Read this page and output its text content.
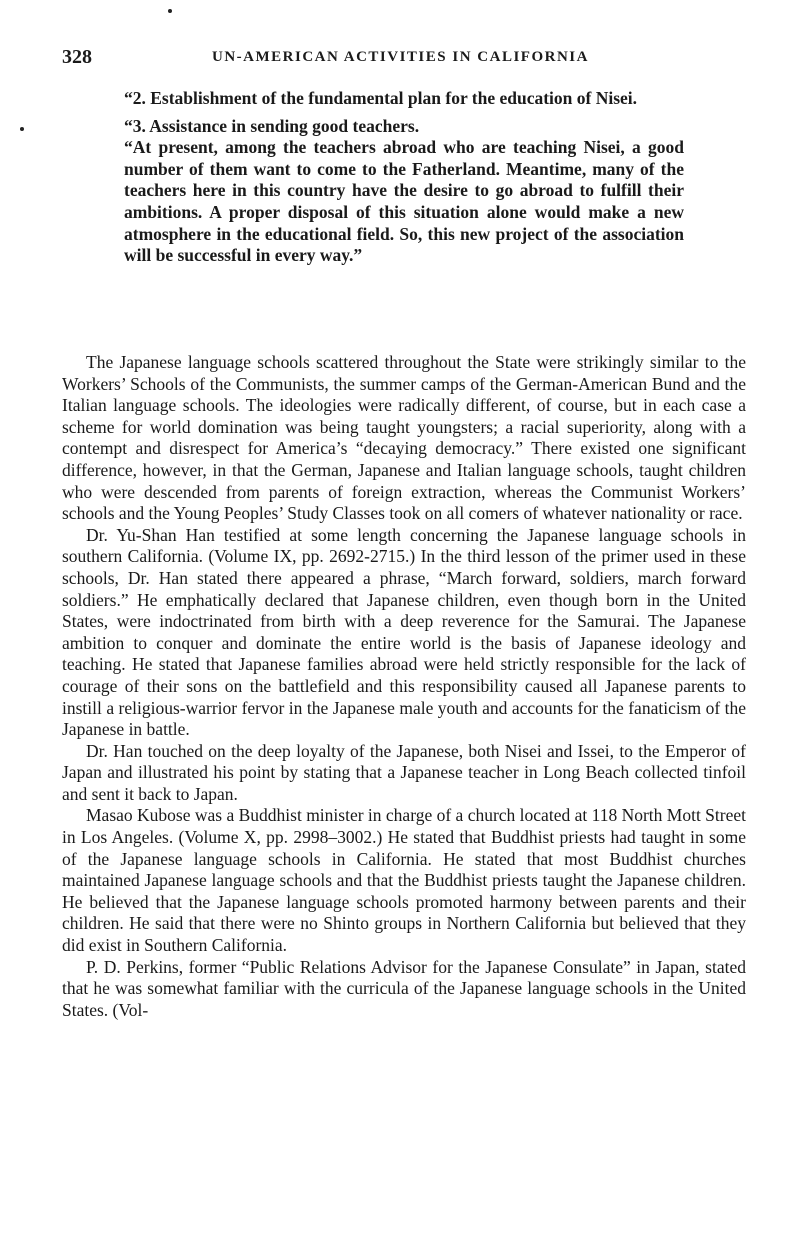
328	UN-AMERICAN ACTIVITIES IN CALIFORNIA

“2. Establishment of the fundamental plan for the education of Nisei.

“3. Assistance in sending good teachers.

“At present, among the teachers abroad who are teaching Nisei, a good number of them want to come to the Fatherland. Meantime, many of the teachers here in this country have the desire to go abroad to fulfill their ambitions. A proper disposal of this situation alone would make a new atmosphere in the educational field. So, this new project of the association will be successful in every way.”

The Japanese language schools scattered throughout the State were strikingly similar to the Workers’ Schools of the Communists, the summer camps of the German-American Bund and the Italian language schools. The ideologies were radically different, of course, but in each case a scheme for world domination was being taught youngsters; a racial superiority, along with a contempt and disrespect for America’s “decaying democracy.” There existed one significant difference, however, in that the German, Japanese and Italian language schools, taught children who were descended from parents of foreign extraction, whereas the Communist Workers’ schools and the Young Peoples’ Study Classes took on all comers of whatever nationality or race.

Dr. Yu-Shan Han testified at some length concerning the Japanese language schools in southern California. (Volume IX, pp. 2692-2715.) In the third lesson of the primer used in these schools, Dr. Han stated there appeared a phrase, “March forward, soldiers, march forward soldiers.” He emphatically declared that Japanese children, even though born in the United States, were indoctrinated from birth with a deep reverence for the Samurai. The Japanese ambition to conquer and dominate the entire world is the basis of Japanese ideology and teaching. He stated that Japanese families abroad were held strictly responsible for the lack of courage of their sons on the battlefield and this responsibility caused all Japanese parents to instill a religious-warrior fervor in the Japanese male youth and accounts for the fanaticism of the Japanese in battle.

Dr. Han touched on the deep loyalty of the Japanese, both Nisei and Issei, to the Emperor of Japan and illustrated his point by stating that a Japanese teacher in Long Beach collected tinfoil and sent it back to Japan.

Masao Kubose was a Buddhist minister in charge of a church located at 118 North Mott Street in Los Angeles. (Volume X, pp. 2998–3002.) He stated that Buddhist priests had taught in some of the Japanese language schools in California. He stated that most Buddhist churches maintained Japanese language schools and that the Buddhist priests taught the Japanese children. He believed that the Japanese language schools promoted harmony between parents and their children. He said that there were no Shinto groups in Northern California but believed that they did exist in Southern California.

P. D. Perkins, former “Public Relations Advisor for the Japanese Consulate” in Japan, stated that he was somewhat familiar with the curricula of the Japanese language schools in the United States. (Vol-
